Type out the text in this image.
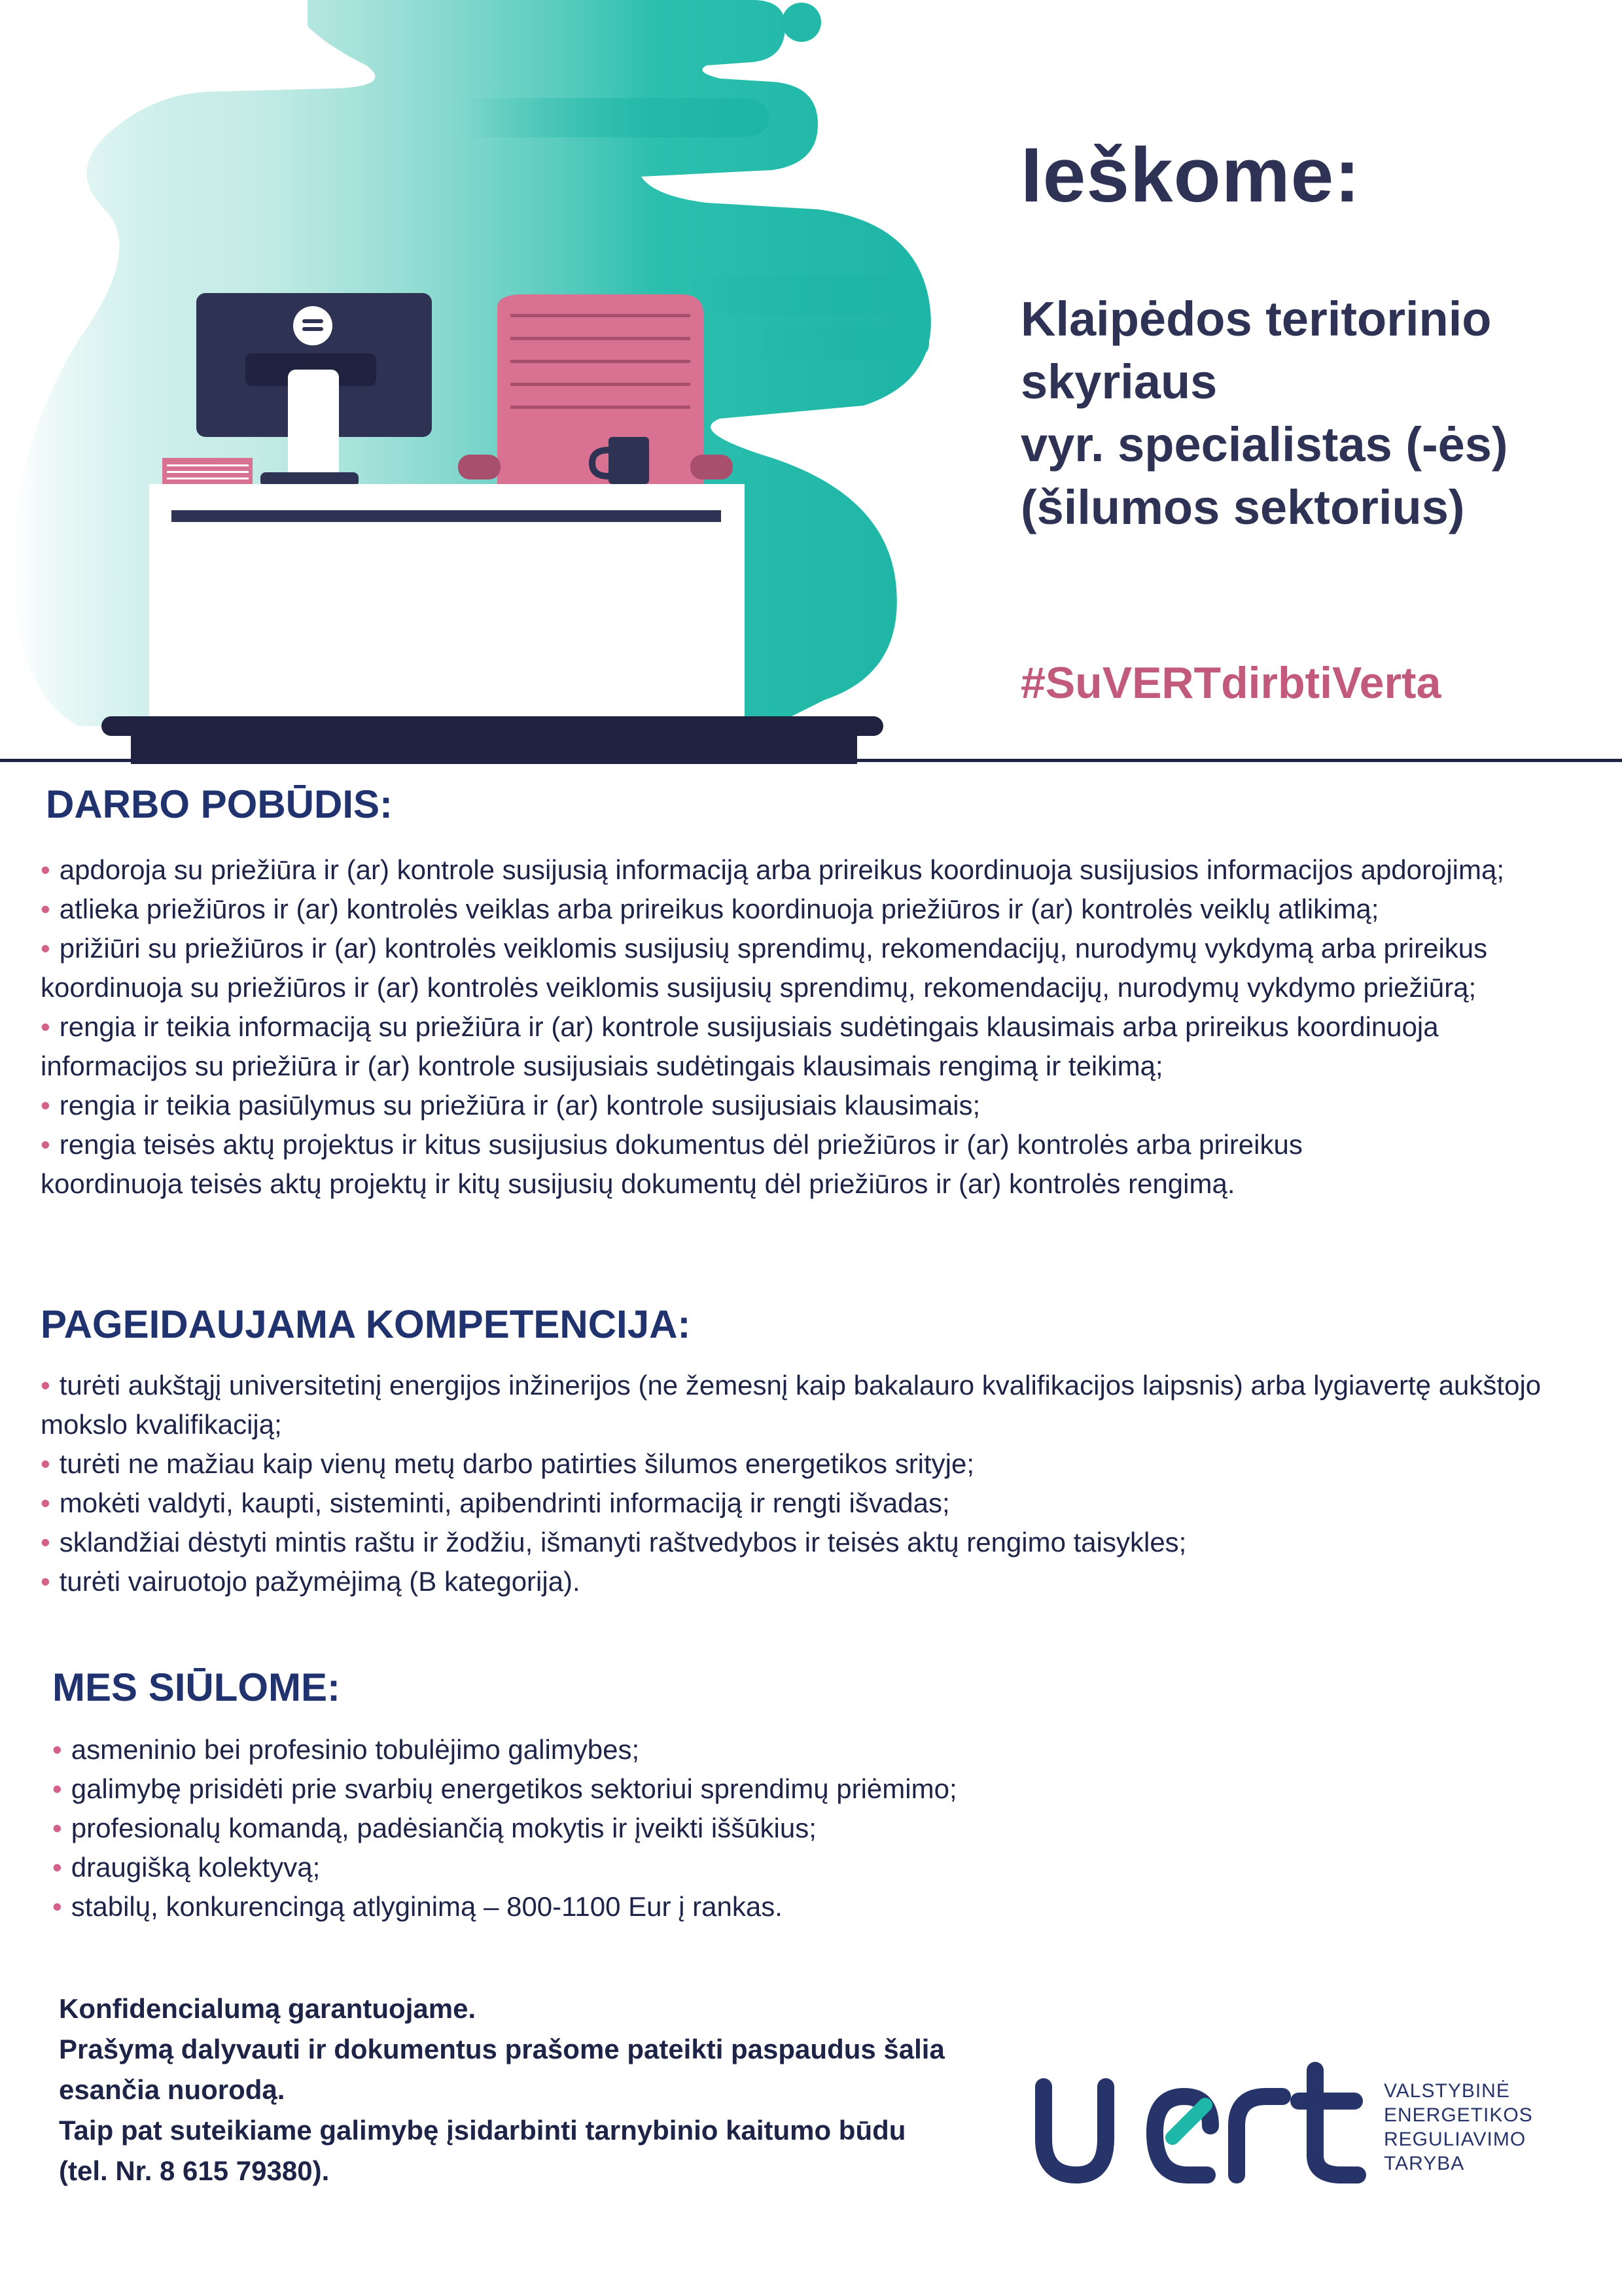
Ieškome:
Klaipėdos teritorinio
skyriaus
vyr. specialistas (-ės)
(šilumos sektorius)
#SuVERTdirbtiVerta
DARBO POBŪDIS:
• apdoroja su priežiūra ir (ar) kontrole susijusią informaciją arba prireikus koordinuoja susijusios informacijos apdorojimą;
• atlieka priežiūros ir (ar) kontrolės veiklas arba prireikus koordinuoja priežiūros ir (ar) kontrolės veiklų atlikimą;
• prižiūri su priežiūros ir (ar) kontrolės veiklomis susijusių sprendimų, rekomendacijų, nurodymų vykdymą arba prireikus koordinuoja su priežiūros ir (ar) kontrolės veiklomis susijusių sprendimų, rekomendacijų, nurodymų vykdymo priežiūrą;
• rengia ir teikia informaciją su priežiūra ir (ar) kontrole susijusiais sudėtingais klausimais arba prireikus koordinuoja informacijos su priežiūra ir (ar) kontrole susijusiais sudėtingais klausimais rengimą ir teikimą;
• rengia ir teikia pasiūlymus su priežiūra ir (ar) kontrole susijusiais klausimais;
• rengia teisės aktų projektus ir kitus susijusius dokumentus dėl priežiūros ir (ar) kontrolės arba prireikus koordinuoja teisės aktų projektų ir kitų susijusių dokumentų dėl priežiūros ir (ar) kontrolės rengimą.
PAGEIDAUJAMA KOMPETENCIJA:
• turėti aukštąjį universitetinį energijos inžinerijos (ne žemesnį kaip bakalauro kvalifikacijos laipsnis) arba lygiavertę aukštojo mokslo kvalifikaciją;
• turėti ne mažiau kaip vienų metų darbo patirties šilumos energetikos srityje;
• mokėti valdyti, kaupti, sisteminti, apibendrinti informaciją ir rengti išvadas;
• sklandžiai dėstyti mintis raštu ir žodžiu, išmanyti raštvedybos ir teisės aktų rengimo taisykles;
• turėti vairuotojo pažymėjimą (B kategorija).
MES SIŪLOME:
• asmeninio bei profesinio tobulėjimo galimybes;
• galimybę prisidėti prie svarbių energetikos sektoriui sprendimų priėmimo;
• profesionalų komandą, padėsiančią mokytis ir įveikti iššūkius;
• draugišką kolektyvą;
• stabilų, konkurencingą atlyginimą – 800-1100 Eur į rankas.
Konfidencialumą garantuojame.
Prašymą dalyvauti ir dokumentus prašome pateikti paspaudus šalia
esančia nuorodą.
Taip pat suteikiame galimybę įsidarbinti tarnybinio kaitumo būdu
(tel. Nr. 8 615 79380).
VALSTYBINĖ
ENERGETIKOS
REGULIAVIMO
TARYBA
